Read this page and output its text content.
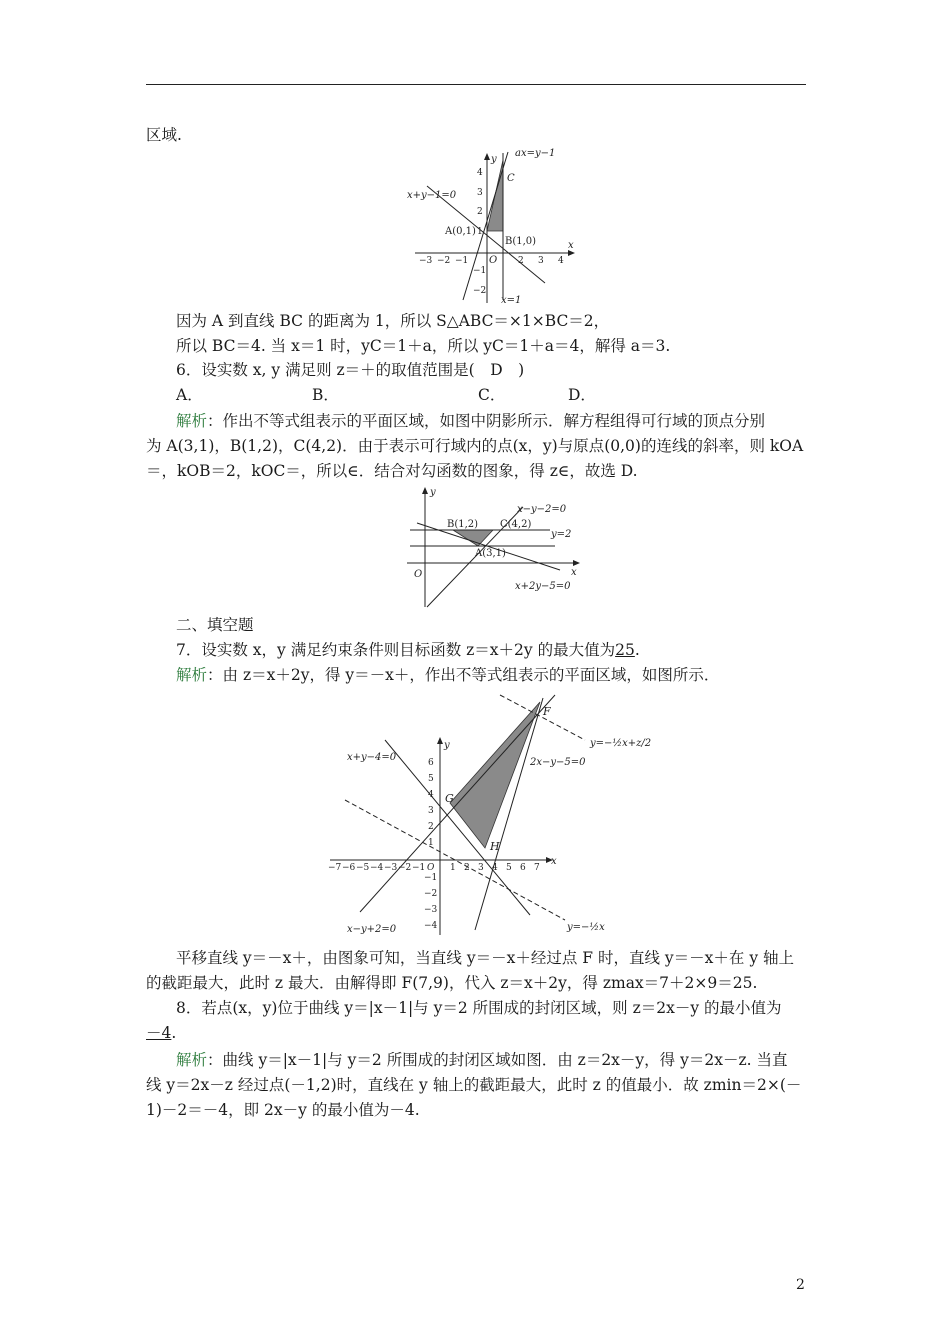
区域.
ax=y−1
x+y−1=0
x=1
A(0,1)
B(1,0)
C
x
y
O
−3 −2 −1	2 3 4
4
3
2
1
−1
−2
因为 A 到直线 BC 的距离为 1，所以 S△ABC＝×1×BC＝2，
所以 BC＝4. 当 x＝1 时，yC＝1＋a，所以 yC＝1＋a＝4，解得 a＝3.
6．设实数 x, y 满足则 z＝＋的取值范围是(　D　)
A．	B．	C．	D．
解析：作出不等式组表示的平面区域，如图中阴影所示．解方程组得可行域的顶点分别
为 A(3,1)，B(1,2)，C(4,2)．由于表示可行域内的点(x，y)与原点(0,0)的连线的斜率，则 kOA
＝，kOB＝2，kOC＝，所以∈．结合对勾函数的图象，得 z∈，故选 D.
x−y−2=0
y=2
x+2y−5=0
B(1,2) C(4,2)
A(3,1)
x
y
O
二、填空题
7．设实数 x，y 满足约束条件则目标函数 z＝x＋2y 的最大值为25.
解析：由 z＝x＋2y，得 y＝－x＋，作出不等式组表示的平面区域，如图所示．
y=−½x+z/2
y=−½x
x+y−4=0	2x−y−5=0
x−y+2=0
F
G
H
x
y
O
−7 −6 −5 −4 −3 −2 −1	1 2 3 4 5 6 7
6
5
4
3
2
1
−1
−2
−3
−4
平移直线 y＝－x＋，由图象可知，当直线 y＝－x＋经过点 F 时，直线 y＝－x＋在 y 轴上
的截距最大，此时 z 最大．由解得即 F(7,9)，代入 z＝x＋2y，得 zmax＝7＋2×9＝25.
8．若点(x，y)位于曲线 y＝|x－1|与 y＝2 所围成的封闭区域，则 z＝2x－y 的最小值为
－4.
解析：曲线 y＝|x－1|与 y＝2 所围成的封闭区域如图．由 z＝2x－y，得 y＝2x－z. 当直
线 y＝2x－z 经过点(－1,2)时，直线在 y 轴上的截距最大，此时 z 的值最小．故 zmin＝2×(－
1)－2＝－4，即 2x－y 的最小值为－4.
2
